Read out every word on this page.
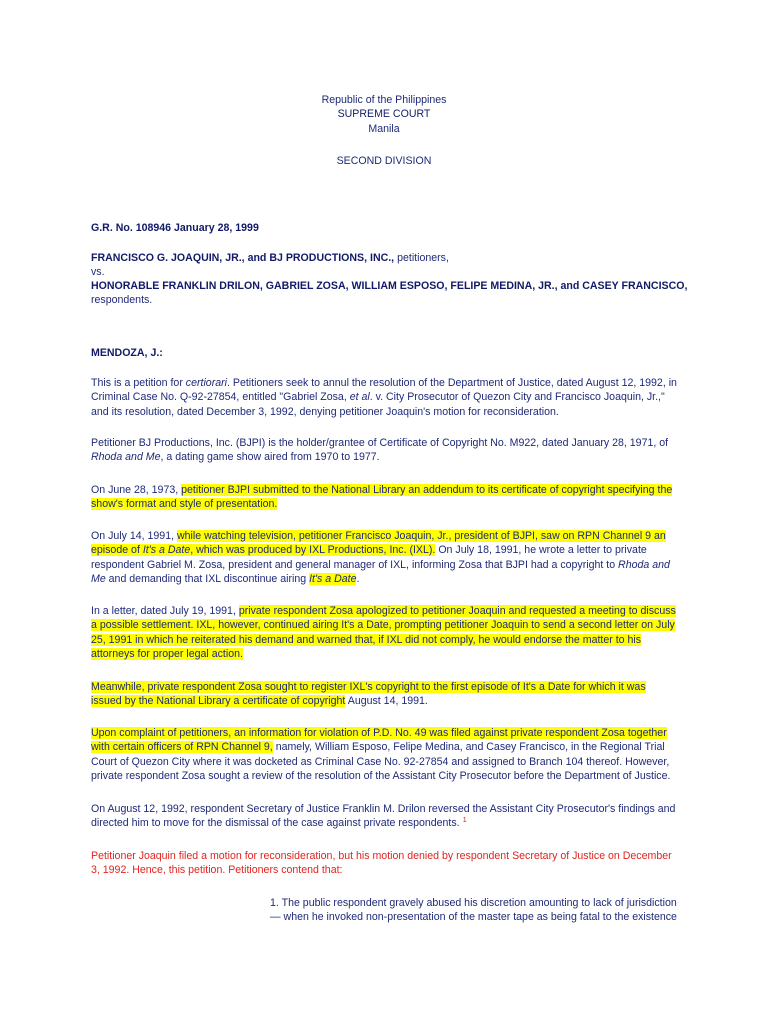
Republic of the Philippines
SUPREME COURT
Manila
SECOND DIVISION
G.R. No. 108946 January 28, 1999
FRANCISCO G. JOAQUIN, JR., and BJ PRODUCTIONS, INC., petitioners,
vs.
HONORABLE FRANKLIN DRILON, GABRIEL ZOSA, WILLIAM ESPOSO, FELIPE MEDINA, JR., and CASEY FRANCISCO, respondents.
MENDOZA, J.:
This is a petition for certiorari. Petitioners seek to annul the resolution of the Department of Justice, dated August 12, 1992, in Criminal Case No. Q-92-27854, entitled "Gabriel Zosa, et al. v. City Prosecutor of Quezon City and Francisco Joaquin, Jr.," and its resolution, dated December 3, 1992, denying petitioner Joaquin's motion for reconsideration.
Petitioner BJ Productions, Inc. (BJPI) is the holder/grantee of Certificate of Copyright No. M922, dated January 28, 1971, of Rhoda and Me, a dating game show aired from 1970 to 1977.
On June 28, 1973, petitioner BJPI submitted to the National Library an addendum to its certificate of copyright specifying the show's format and style of presentation.
On July 14, 1991, while watching television, petitioner Francisco Joaquin, Jr., president of BJPI, saw on RPN Channel 9 an episode of It's a Date, which was produced by IXL Productions, Inc. (IXL). On July 18, 1991, he wrote a letter to private respondent Gabriel M. Zosa, president and general manager of IXL, informing Zosa that BJPI had a copyright to Rhoda and Me and demanding that IXL discontinue airing It's a Date.
In a letter, dated July 19, 1991, private respondent Zosa apologized to petitioner Joaquin and requested a meeting to discuss a possible settlement. IXL, however, continued airing It's a Date, prompting petitioner Joaquin to send a second letter on July 25, 1991 in which he reiterated his demand and warned that, if IXL did not comply, he would endorse the matter to his attorneys for proper legal action.
Meanwhile, private respondent Zosa sought to register IXL's copyright to the first episode of It's a Date for which it was issued by the National Library a certificate of copyright August 14, 1991.
Upon complaint of petitioners, an information for violation of P.D. No. 49 was filed against private respondent Zosa together with certain officers of RPN Channel 9, namely, William Esposo, Felipe Medina, and Casey Francisco, in the Regional Trial Court of Quezon City where it was docketed as Criminal Case No. 92-27854 and assigned to Branch 104 thereof. However, private respondent Zosa sought a review of the resolution of the Assistant City Prosecutor before the Department of Justice.
On August 12, 1992, respondent Secretary of Justice Franklin M. Drilon reversed the Assistant City Prosecutor's findings and directed him to move for the dismissal of the case against private respondents. $^1$
Petitioner Joaquin filed a motion for reconsideration, but his motion denied by respondent Secretary of Justice on December 3, 1992. Hence, this petition. Petitioners contend that:
1. The public respondent gravely abused his discretion amounting to lack of jurisdiction
— when he invoked non-presentation of the master tape as being fatal to the existence
